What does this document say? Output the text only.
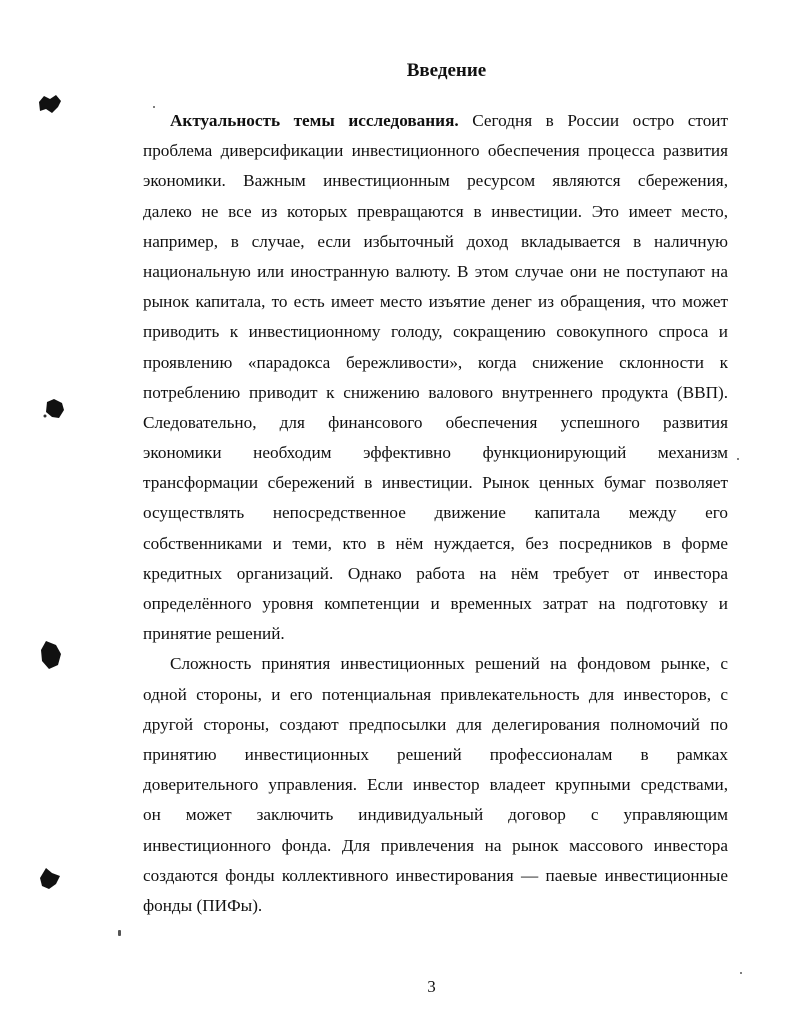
Введение
Актуальность темы исследования. Сегодня в России остро стоит
проблема диверсификации инвестиционного обеспечения процесса развития
экономики. Важным инвестиционным ресурсом являются сбережения,
далеко не все из которых превращаются в инвестиции. Это имеет место,
например, в случае, если избыточный доход вкладывается в наличную
национальную или иностранную валюту. В этом случае они не поступают на
рынок капитала, то есть имеет место изъятие денег из обращения, что может
приводить к инвестиционному голоду, сокращению совокупного спроса и
проявлению «парадокса бережливости», когда снижение склонности к
потреблению приводит к снижению валового внутреннего продукта (ВВП).
Следовательно, для финансового обеспечения успешного развития
экономики необходим эффективно функционирующий механизм
трансформации сбережений в инвестиции. Рынок ценных бумаг позволяет
осуществлять непосредственное движение капитала между его
собственниками и теми, кто в нём нуждается, без посредников в форме
кредитных организаций. Однако работа на нём требует от инвестора
определённого уровня компетенции и временных затрат на подготовку и
принятие решений.
Сложность принятия инвестиционных решений на фондовом рынке, с
одной стороны, и его потенциальная привлекательность для инвесторов, с
другой стороны, создают предпосылки для делегирования полномочий по
принятию инвестиционных решений профессионалам в рамках
доверительного управления. Если инвестор владеет крупными средствами,
он может заключить индивидуальный договор с управляющим
инвестиционного фонда. Для привлечения на рынок массового инвестора
создаются фонды коллективного инвестирования — паевые инвестиционные
фонды (ПИФы).
3
